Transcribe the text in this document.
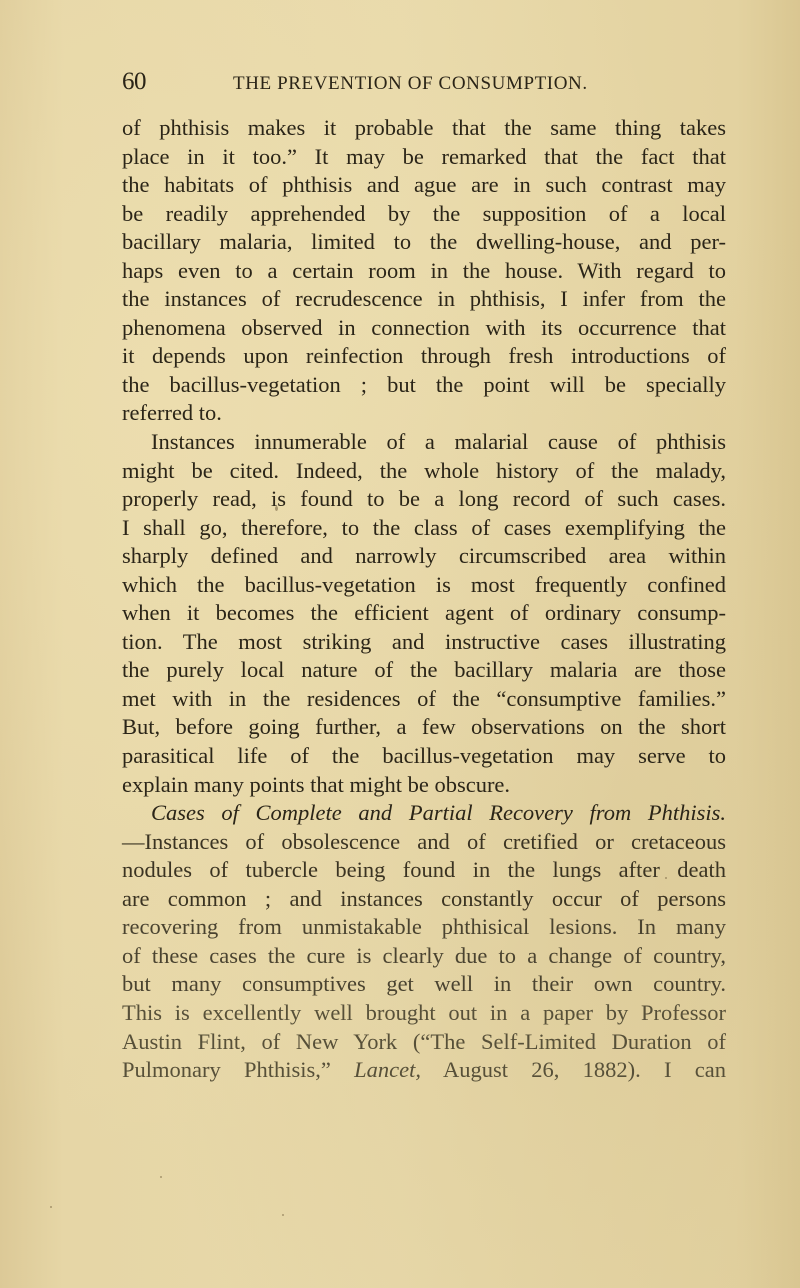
60	THE PREVENTION OF CONSUMPTION.
of phthisis makes it probable that the same thing takes
place in it too.” It may be remarked that the fact that
the habitats of phthisis and ague are in such contrast may
be readily apprehended by the supposition of a local
bacillary malaria, limited to the dwelling-house, and per-
haps even to a certain room in the house. With regard to
the instances of recrudescence in phthisis, I infer from the
phenomena observed in connection with its occurrence that
it depends upon reinfection through fresh introductions of
the bacillus-vegetation ; but the point will be specially
referred to.
Instances innumerable of a malarial cause of phthisis
might be cited. Indeed, the whole history of the malady,
properly read, is found to be a long record of such cases.
I shall go, therefore, to the class of cases exemplifying the
sharply defined and narrowly circumscribed area within
which the bacillus-vegetation is most frequently confined
when it becomes the efficient agent of ordinary consump-
tion. The most striking and instructive cases illustrating
the purely local nature of the bacillary malaria are those
met with in the residences of the “consumptive families.”
But, before going further, a few observations on the short
parasitical life of the bacillus-vegetation may serve to
explain many points that might be obscure.
Cases of Complete and Partial Recovery from Phthisis.
—Instances of obsolescence and of cretified or cretaceous
nodules of tubercle being found in the lungs after death
are common ; and instances constantly occur of persons
recovering from unmistakable phthisical lesions. In many
of these cases the cure is clearly due to a change of country,
but many consumptives get well in their own country.
This is excellently well brought out in a paper by Professor
Austin Flint, of New York (“The Self-Limited Duration of
Pulmonary Phthisis,” Lancet, August 26, 1882). I can
